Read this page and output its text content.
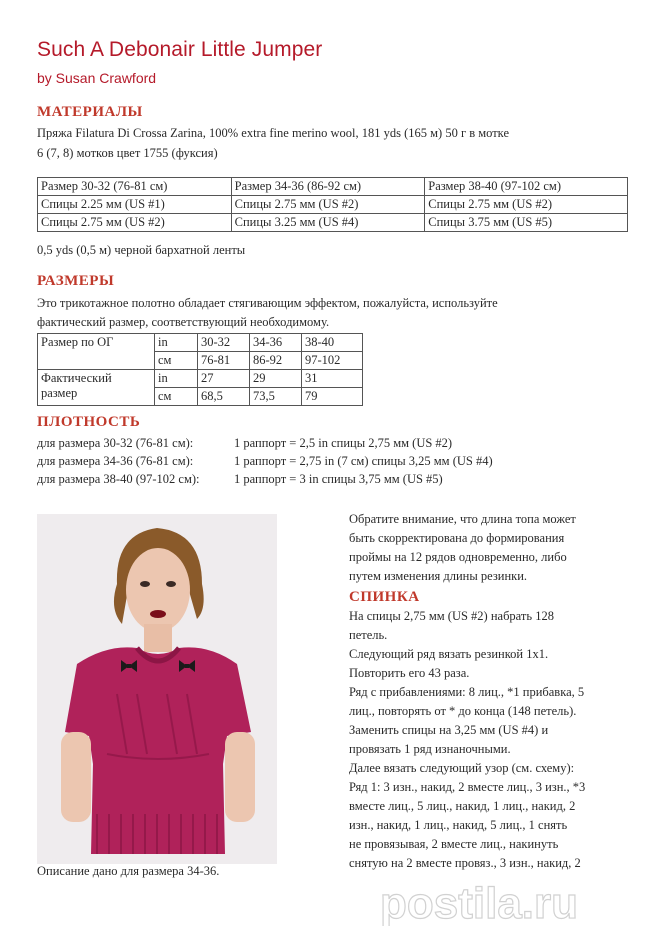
Such A Debonair Little Jumper
by Susan Crawford
МАТЕРИАЛЫ
Пряжа Filatura Di Crossa Zarina, 100% extra fine merino wool, 181 yds (165 м) 50 г в мотке
6 (7, 8) мотков цвет 1755 (фуксия)
Размер 30-32 (76-81 см)	Размер 34-36 (86-92 см)	Размер 38-40 (97-102 см)
Спицы 2.25 мм (US #1)	Спицы 2.75 мм (US #2)	Спицы 2.75 мм (US #2)
Спицы 2.75 мм (US #2)	Спицы 3.25 мм (US #4)	Спицы 3.75 мм (US #5)
0,5 yds (0,5 м) черной бархатной ленты
РАЗМЕРЫ
Это трикотажное полотно обладает стягивающим эффектом, пожалуйста, используйте
фактический размер, соответствующий необходимому.
Размер по ОГ	in	30-32	34-36	38-40
	см	76-81	86-92	97-102
Фактический
размер	in	27	29	31
	см	68,5	73,5	79
ПЛОТНОСТЬ
для размера 30-32 (76-81 см):	1 раппорт = 2,5 in спицы 2,75 мм (US #2)
для размера 34-36 (76-81 см):	1 раппорт = 2,75 in (7 см) спицы 3,25 мм (US #4)
для размера 38-40 (97-102 см):	1 раппорт = 3 in спицы 3,75 мм (US #5)
Описание дано для размера 34-36.
Обратите внимание, что длина топа может
быть скорректирована до формирования
проймы на 12 рядов одновременно, либо
путем изменения длины резинки.
СПИНКА
На спицы 2,75 мм (US #2) набрать 128
петель.
Следующий ряд вязать резинкой 1x1.
Повторить его 43 раза.
Ряд с прибавлениями: 8 лиц., *1 прибавка, 5
лиц., повторять от * до конца (148 петель).
Заменить спицы на 3,25 мм (US #4) и
провязать 1 ряд изнаночными.
Далее вязать следующий узор (см. схему):
Ряд 1: 3 изн., накид, 2 вместе лиц., 3 изн., *3
вместе лиц., 5 лиц., накид, 1 лиц., накид, 2
изн., накид, 1 лиц., накид, 5 лиц., 1 снять
не провязывая, 2 вместе лиц., накинуть
снятую на 2 вместе провяз., 3 изн., накид, 2
postila.ru
